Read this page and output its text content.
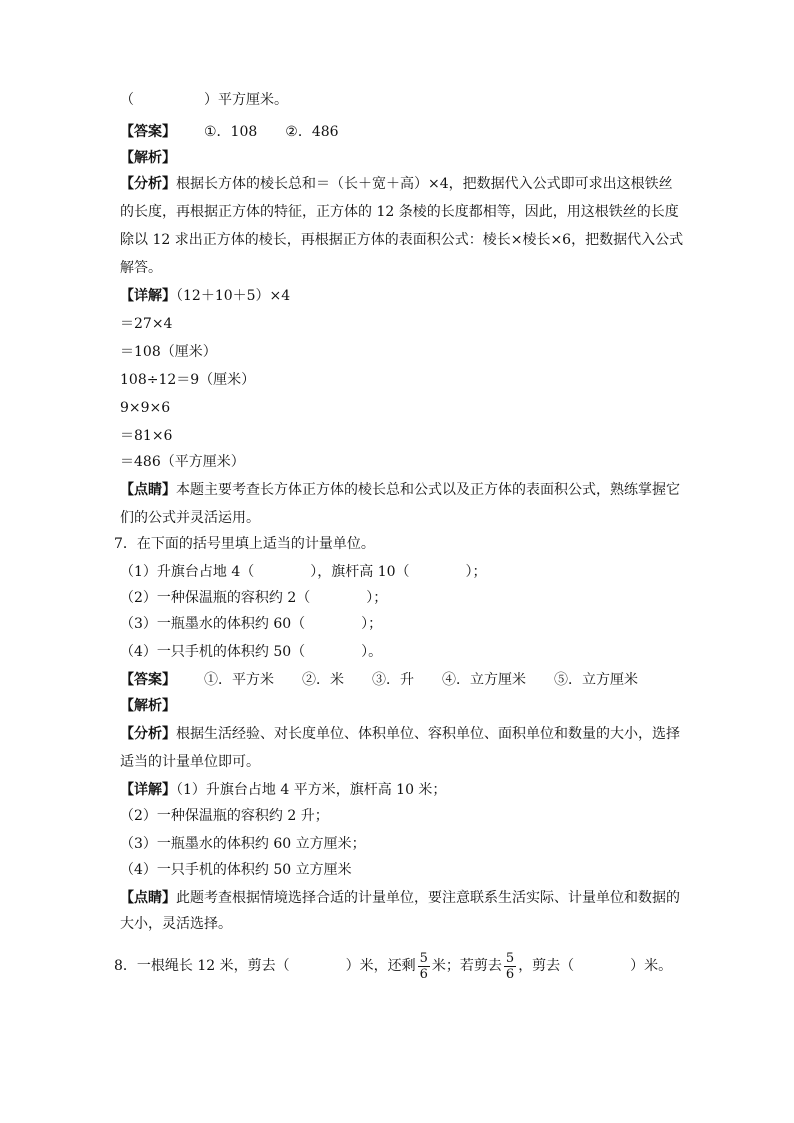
（　　　　　）平方厘米。
【答案】 ①．108　　②．486
【解析】
【分析】根据长方体的棱长总和＝（长＋宽＋高）×4，把数据代入公式即可求出这根铁丝
的长度，再根据正方体的特征，正方体的 12 条棱的长度都相等，因此，用这根铁丝的长度
除以 12 求出正方体的棱长，再根据正方体的表面积公式：棱长×棱长×6，把数据代入公式
解答。
【详解】（12＋10＋5）×4
＝27×4
＝108（厘米）
108÷12＝9（厘米）
9×9×6
＝81×6
＝486（平方厘米）
【点睛】本题主要考查长方体正方体的棱长总和公式以及正方体的表面积公式，熟练掌握它
们的公式并灵活运用。
7．在下面的括号里填上适当的计量单位。
（1）升旗台占地 4（　　　　），旗杆高 10（　　　　）；
（2）一种保温瓶的容积约 2（　　　　）；
（3）一瓶墨水的体积约 60（　　　　）；
（4）一只手机的体积约 50（　　　　）。
【答案】 ①．平方米　　②．米　　③．升　　④．立方厘米　　⑤．立方厘米
【解析】
【分析】根据生活经验、对长度单位、体积单位、容积单位、面积单位和数量的大小，选择
适当的计量单位即可。
【详解】（1）升旗台占地 4 平方米，旗杆高 10 米；
（2）一种保温瓶的容积约 2 升；
（3）一瓶墨水的体积约 60 立方厘米；
（4）一只手机的体积约 50 立方厘米
【点睛】此题考查根据情境选择合适的计量单位，要注意联系生活实际、计量单位和数据的
大小，灵活选择。
8．一根绳长 12 米，剪去（　　　　）米，还剩 $\frac{5}{6}$ 米；若剪去 $\frac{5}{6}$ ，剪去（　　　　）米。
